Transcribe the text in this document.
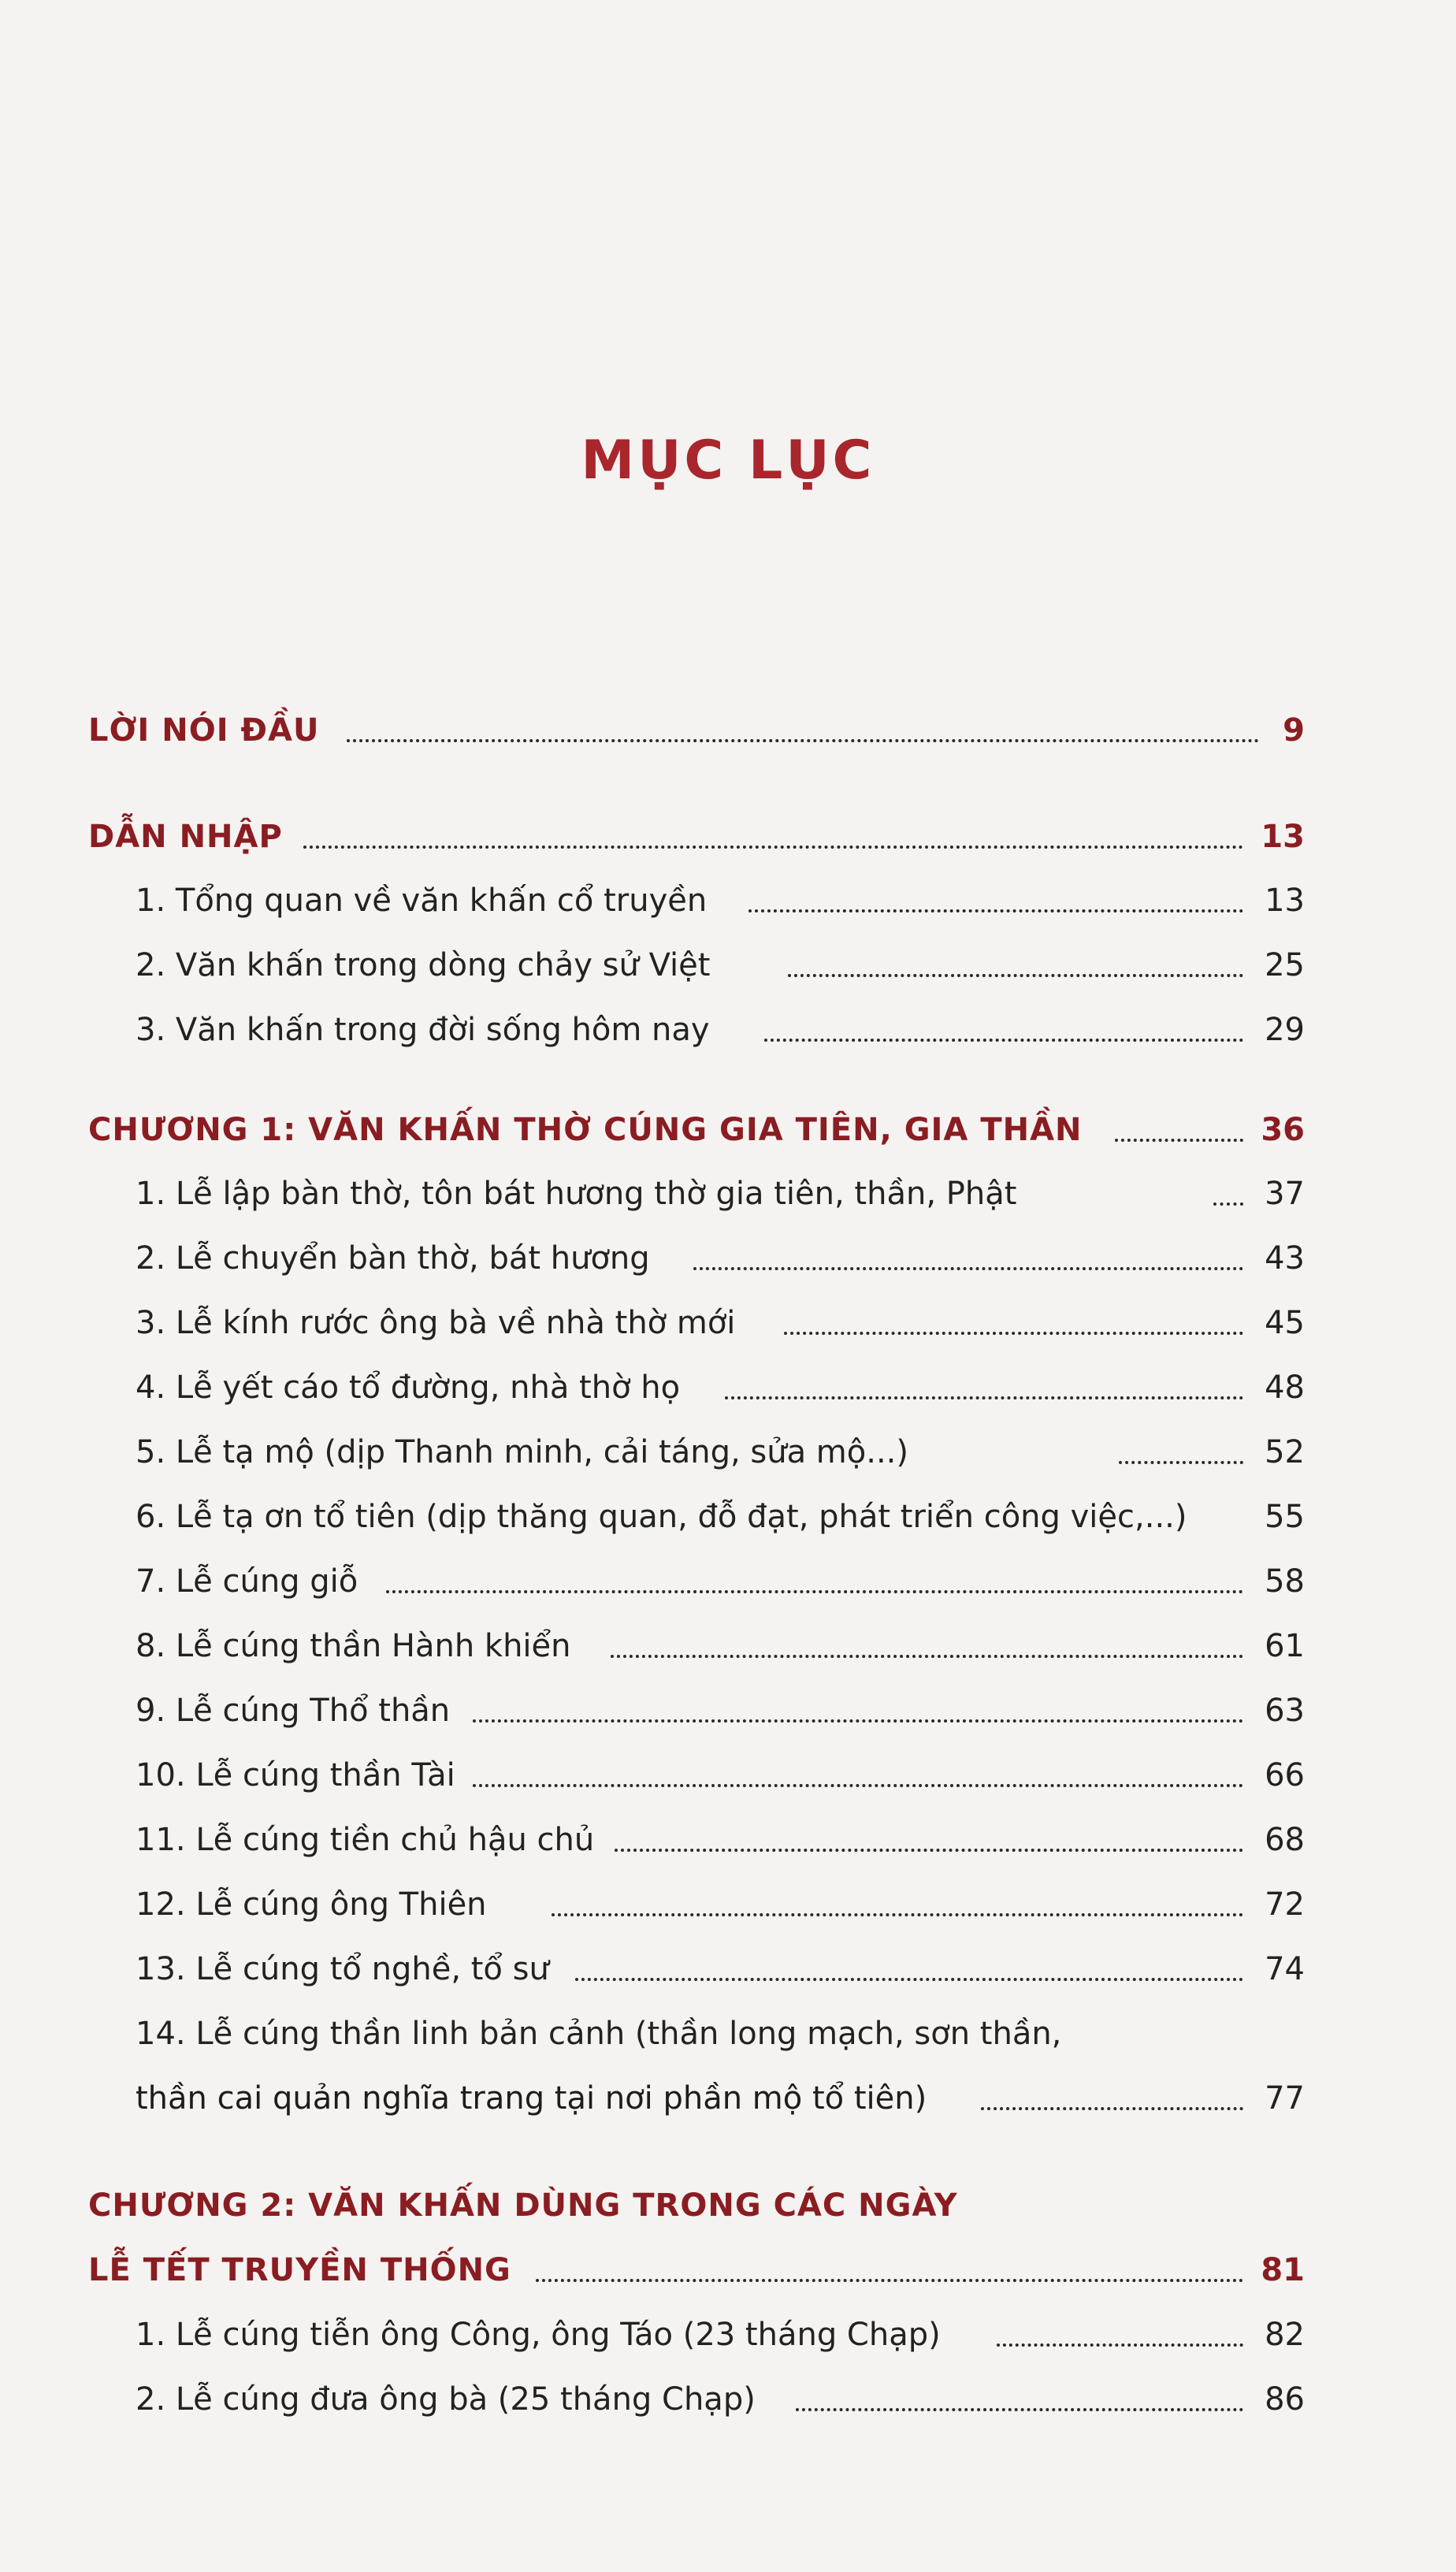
MỤC LỤC
LỜI NÓI ĐẦU	9
DẪN NHẬP	13
1. Tổng quan về văn khấn cổ truyền	13
2. Văn khấn trong dòng chảy sử Việt	25
3. Văn khấn trong đời sống hôm nay	29
CHƯƠNG 1: VĂN KHẤN THỜ CÚNG GIA TIÊN, GIA THẦN	36
1. Lễ lập bàn thờ, tôn bát hương thờ gia tiên, thần, Phật	37
2. Lễ chuyển bàn thờ, bát hương	43
3. Lễ kính rước ông bà về nhà thờ mới	45
4. Lễ yết cáo tổ đường, nhà thờ họ	48
5. Lễ tạ mộ (dịp Thanh minh, cải táng, sửa mộ...)	52
6. Lễ tạ ơn tổ tiên (dịp thăng quan, đỗ đạt, phát triển công việc,...) 55
7. Lễ cúng giỗ	58
8. Lễ cúng thần Hành khiển	61
9. Lễ cúng Thổ thần	63
10. Lễ cúng thần Tài	66
11. Lễ cúng tiền chủ hậu chủ	68
12. Lễ cúng ông Thiên	72
13. Lễ cúng tổ nghề, tổ sư	74
14. Lễ cúng thần linh bản cảnh (thần long mạch, sơn thần,
thần cai quản nghĩa trang tại nơi phần mộ tổ tiên)	77
CHƯƠNG 2: VĂN KHẤN DÙNG TRONG CÁC NGÀY
LỄ TẾT TRUYỀN THỐNG	81
1. Lễ cúng tiễn ông Công, ông Táo (23 tháng Chạp)	82
2. Lễ cúng đưa ông bà (25 tháng Chạp)	86
